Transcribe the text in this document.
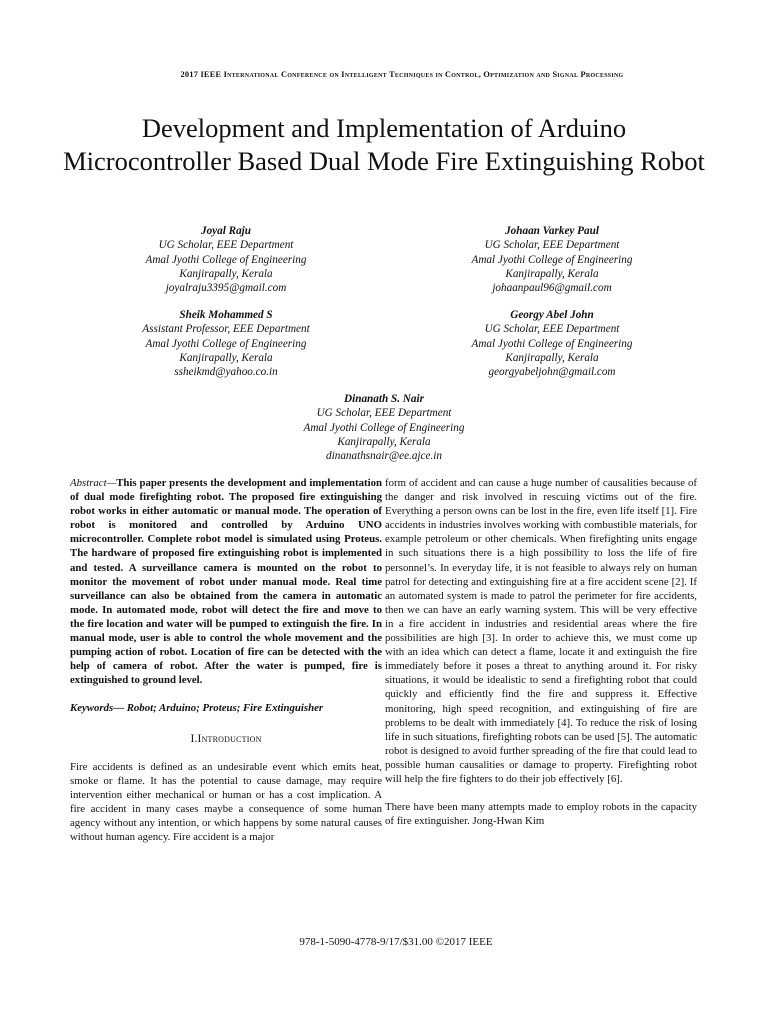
2017 IEEE International Conference on Intelligent Techniques in Control, Optimization and Signal Processing
Development and Implementation of Arduino Microcontroller Based Dual Mode Fire Extinguishing Robot
Joyal Raju
UG Scholar, EEE Department
Amal Jyothi College of Engineering
Kanjirapally, Kerala
joyalraju3395@gmail.com
Johaan Varkey Paul
UG Scholar, EEE Department
Amal Jyothi College of Engineering
Kanjirapally, Kerala
johaanpaul96@gmail.com
Sheik Mohammed S
Assistant Professor, EEE Department
Amal Jyothi College of Engineering
Kanjirapally, Kerala
ssheikmd@yahoo.co.in
Georgy Abel John
UG Scholar, EEE Department
Amal Jyothi College of Engineering
Kanjirapally, Kerala
georgyabeljohn@gmail.com
Dinanath S. Nair
UG Scholar, EEE Department
Amal Jyothi College of Engineering
Kanjirapally, Kerala
dinanathsnair@ee.ajce.in

Abstract—This paper presents the development and implementation of dual mode firefighting robot. The proposed fire extinguishing robot works in either automatic or manual mode. The operation of robot is monitored and controlled by Arduino UNO microcontroller. Complete robot model is simulated using Proteus. The hardware of proposed fire extinguishing robot is implemented and tested. A surveillance camera is mounted on the robot to monitor the movement of robot under manual mode. Real time surveillance can also be obtained from the camera in automatic mode. In automated mode, robot will detect the fire and move to the fire location and water will be pumped to extinguish the fire. In manual mode, user is able to control the whole movement and the pumping action of robot. Location of fire can be detected with the help of camera of robot. After the water is pumped, fire is extinguished to ground level.

Keywords— Robot; Arduino; Proteus; Fire Extinguisher

I.Introduction

Fire accidents is defined as an undesirable event which emits heat, smoke or flame. It has the potential to cause damage, may require intervention either mechanical or human or has a cost implication. A fire accident in many cases maybe a consequence of some human agency without any intention, or which happens by some natural causes without human agency. Fire accident is a major

form of accident and can cause a huge number of causalities because of the danger and risk involved in rescuing victims out of the fire. Everything a person owns can be lost in the fire, even life itself [1]. Fire accidents in industries involves working with combustible materials, for example petroleum or other chemicals. When firefighting units engage in such situations there is a high possibility to loss the life of fire personnel’s. In everyday life, it is not feasible to always rely on human patrol for detecting and extinguishing fire at a fire accident scene [2]. If an automated system is made to patrol the perimeter for fire accidents, then we can have an early warning system. This will be very effective in a fire accident in industries and residential areas where the fire possibilities are high [3]. In order to achieve this, we must come up with an idea which can detect a flame, locate it and extinguish the fire immediately before it poses a threat to anything around it. For risky situations, it would be idealistic to send a firefighting robot that could quickly and efficiently find the fire and suppress it. Effective monitoring, high speed recognition, and extinguishing of fire are problems to be dealt with immediately [4]. To reduce the risk of losing life in such situations, firefighting robots can be used [5]. The automatic robot is designed to avoid further spreading of the fire that could lead to possible human causalities or damage to property. Firefighting robot will help the fire fighters to do their job effectively [6].

There have been many attempts made to employ robots in the capacity of fire extinguisher. Jong-Hwan Kim

978-1-5090-4778-9/17/$31.00 ©2017 IEEE
